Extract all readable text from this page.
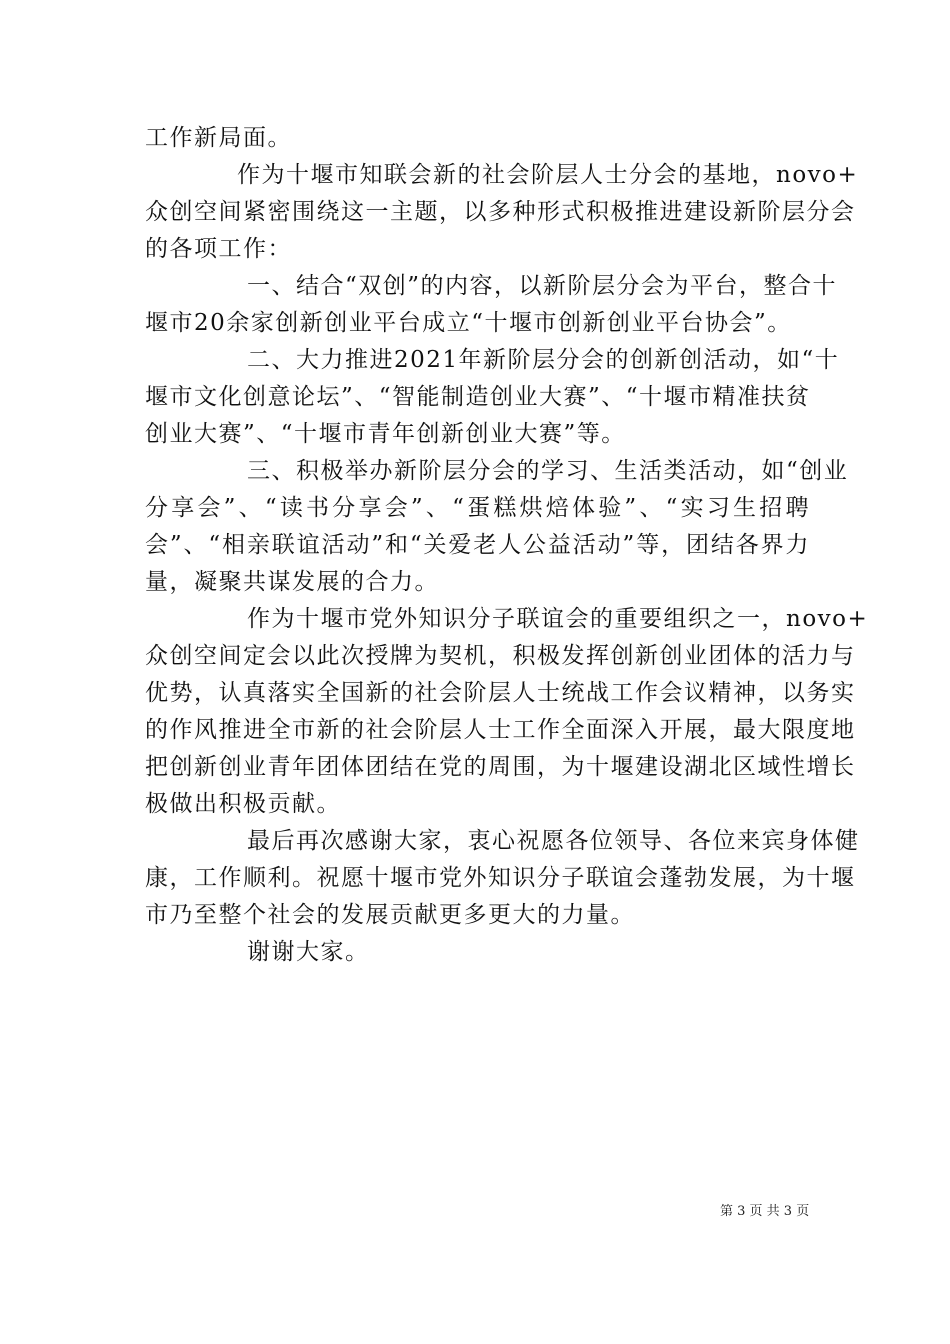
工作新局面。
作为十堰市知联会新的社会阶层人士分会的基地，novo+
众创空间紧密围绕这一主题，以多种形式积极推进建设新阶层分会
的各项工作：
一、结合“双创”的内容，以新阶层分会为平台，整合十
堰市20余家创新创业平台成立“十堰市创新创业平台协会”。
二、大力推进2021年新阶层分会的创新创活动，如“十
堰市文化创意论坛”、“智能制造创业大赛”、“十堰市精准扶贫
创业大赛”、“十堰市青年创新创业大赛”等。
三、积极举办新阶层分会的学习、生活类活动，如“创业
分享会”、“读书分享会”、“蛋糕烘焙体验”、“实习生招聘
会”、“相亲联谊活动”和“关爱老人公益活动”等，团结各界力
量，凝聚共谋发展的合力。
作为十堰市党外知识分子联谊会的重要组织之一，novo+
众创空间定会以此次授牌为契机，积极发挥创新创业团体的活力与
优势，认真落实全国新的社会阶层人士统战工作会议精神，以务实
的作风推进全市新的社会阶层人士工作全面深入开展，最大限度地
把创新创业青年团体团结在党的周围，为十堰建设湖北区域性增长
极做出积极贡献。
最后再次感谢大家，衷心祝愿各位领导、各位来宾身体健
康，工作顺利。祝愿十堰市党外知识分子联谊会蓬勃发展，为十堰
市乃至整个社会的发展贡献更多更大的力量。
谢谢大家。
第 3 页 共 3 页
